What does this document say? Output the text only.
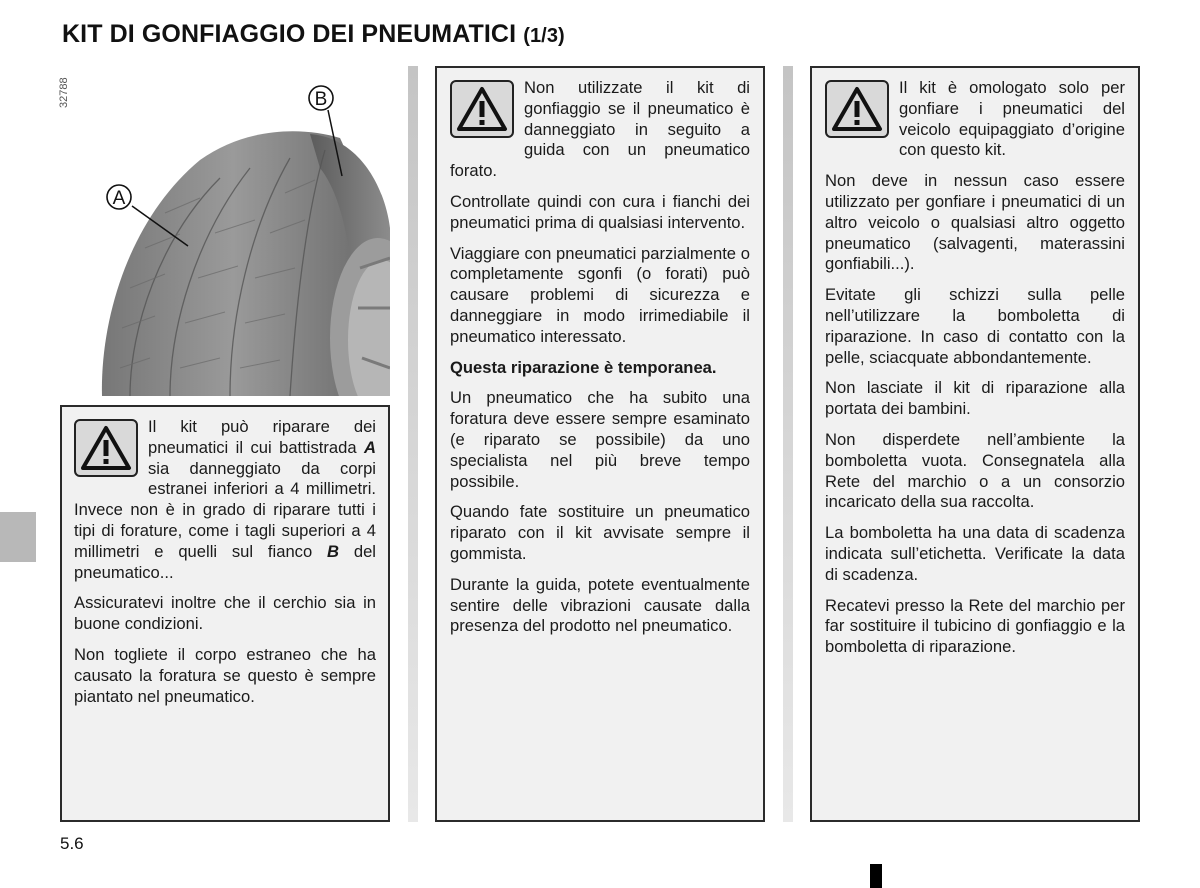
KIT DI GONFIAGGIO DEI PNEUMATICI (1/3)
A
B
32788

Il kit può riparare dei pneumatici il cui battistrada A sia danneggiato da corpi estranei inferiori a 4 millimetri. Invece non è in grado di riparare tutti i tipi di forature, come i tagli superiori a 4 millimetri e quelli sul fianco B del pneumatico...

Assicuratevi inoltre che il cerchio sia in buone condizioni.

Non togliete il corpo estraneo che ha causato la foratura se questo è sempre piantato nel pneumatico.

Non utilizzate il kit di gonfiaggio se il pneumatico è danneggiato in seguito a guida con un pneumatico forato.

Controllate quindi con cura i fianchi dei pneumatici prima di qualsiasi intervento.

Viaggiare con pneumatici parzialmente o completamente sgonfi (o forati) può causare problemi di sicurezza e danneggiare in modo irrimediabile il pneumatico interessato.

Questa riparazione è temporanea.

Un pneumatico che ha subito una foratura deve essere sempre esaminato (e riparato se possibile) da uno specialista nel più breve tempo possibile.

Quando fate sostituire un pneumatico riparato con il kit avvisate sempre il gommista.

Durante la guida, potete eventualmente sentire delle vibrazioni causate dalla presenza del prodotto nel pneumatico.

Il kit è omologato solo per gonfiare i pneumatici del veicolo equipaggiato d’origine con questo kit.

Non deve in nessun caso essere utilizzato per gonfiare i pneumatici di un altro veicolo o qualsiasi altro oggetto pneumatico (salvagenti, materassini gonfiabili...).

Evitate gli schizzi sulla pelle nell’utilizzare la bomboletta di riparazione. In caso di contatto con la pelle, sciacquate abbondantemente.

Non lasciate il kit di riparazione alla portata dei bambini.

Non disperdete nell’ambiente la bomboletta vuota. Consegnatela alla Rete del marchio o a un consorzio incaricato della sua raccolta.

La bomboletta ha una data di scadenza indicata sull’etichetta. Verificate la data di scadenza.

Recatevi presso la Rete del marchio per far sostituire il tubicino di gonfiaggio e la bomboletta di riparazione.

5.6
